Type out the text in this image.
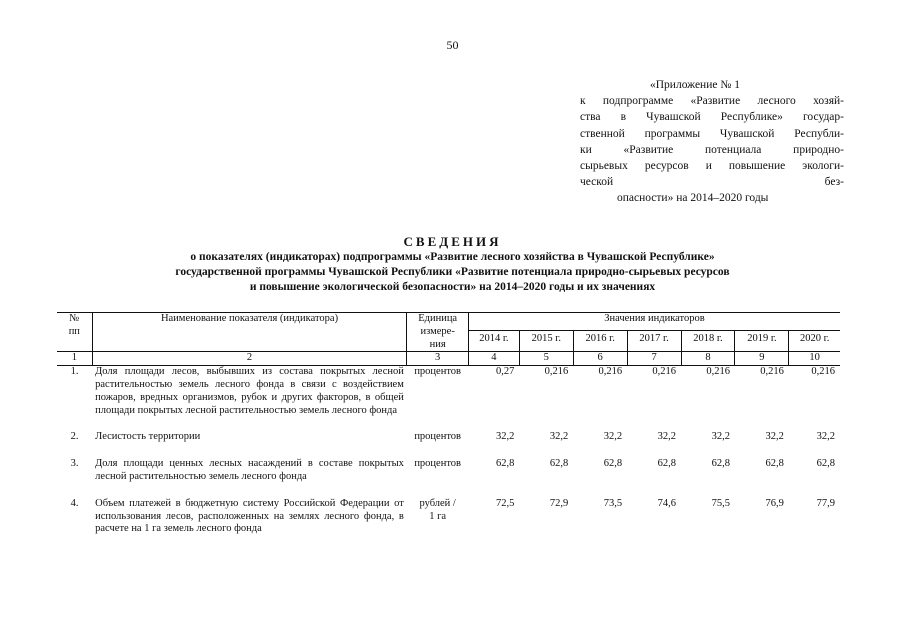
50
«Приложение № 1
к подпрограмме «Развитие лесного хозяй-
ства в Чувашской Республике» государ-
ственной программы Чувашской Республи-
ки «Развитие потенциала природно-
сырьевых ресурсов и повышение экологи-
ческой без-
опасности» на 2014–2020 годы
СВЕДЕНИЯ
о показателях (индикаторах) подпрограммы «Развитие лесного хозяйства в Чувашской Республике»
государственной программы Чувашской Республики «Развитие потенциала природно-сырьевых ресурсов
и повышение экологической безопасности» на 2014–2020 годы и их значениях
№
пп	Наименование показателя (индикатора)	Единица
измере-
ния	Значения индикаторов						
			2014 г.	2015 г.	2016 г.	2017 г.	2018 г.	2019 г.	2020 г.
1	2	3	4	5	6	7	8	9	10
1.	Доля площади лесов, выбывших из состава покрытых лесной растительностью земель лесного фонда в связи с воздействием пожаров, вредных организмов, рубок и других факторов, в общей площади покрытых лесной растительностью земель лесного фонда	процентов	0,27	0,216	0,216	0,216	0,216	0,216	0,216

2.	Лесистость территории	процентов	32,2	32,2	32,2	32,2	32,2	32,2	32,2

3.	Доля площади ценных лесных насаждений в составе покрытых лесной растительностью земель лесного фонда	процентов	62,8	62,8	62,8	62,8	62,8	62,8	62,8

4.	Объем платежей в бюджетную систему Российской Федерации от использования лесов, расположенных на землях лесного фонда, в расчете на 1 га земель лесного фонда	рублей /
1 га	72,5	72,9	73,5	74,6	75,5	76,9	77,9
